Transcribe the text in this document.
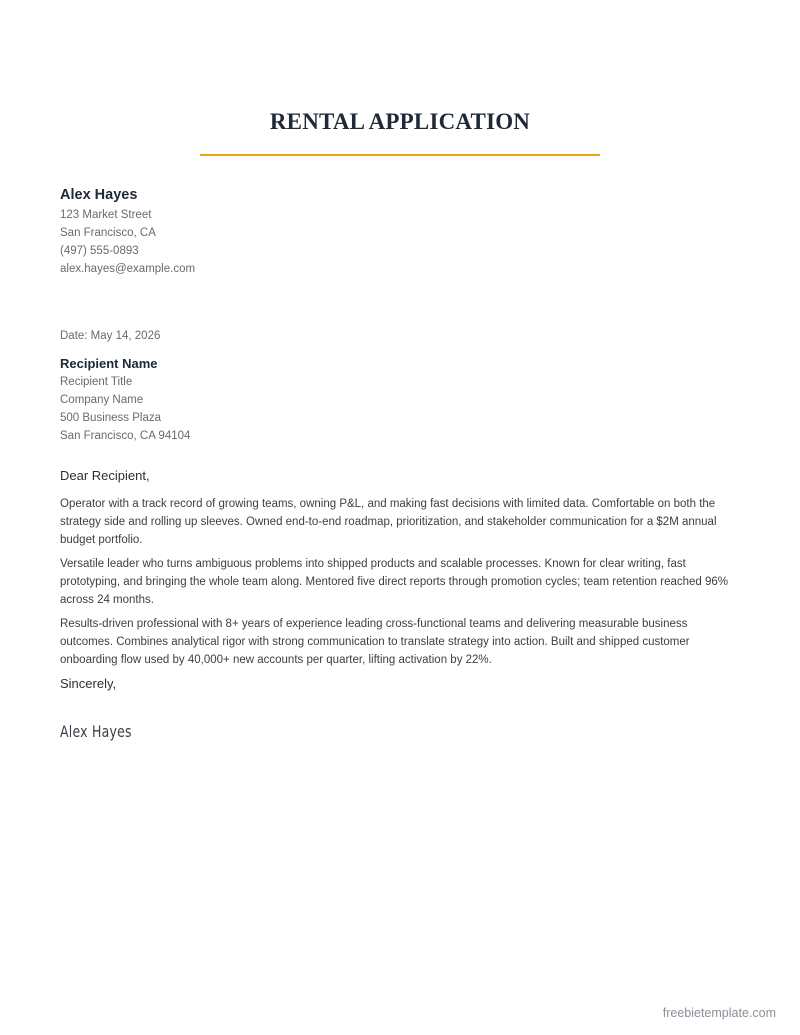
RENTAL APPLICATION
Alex Hayes
123 Market Street
San Francisco, CA
(497) 555-0893
alex.hayes@example.com
Date: May 14, 2026
Recipient Name
Recipient Title
Company Name
500 Business Plaza
San Francisco, CA 94104
Dear Recipient,

Operator with a track record of growing teams, owning P&L, and making fast decisions with limited data. Comfortable on both the strategy side and rolling up sleeves. Owned end-to-end roadmap, prioritization, and stakeholder communication for a $2M annual budget portfolio.

Versatile leader who turns ambiguous problems into shipped products and scalable processes. Known for clear writing, fast prototyping, and bringing the whole team along. Mentored five direct reports through promotion cycles; team retention reached 96% across 24 months.

Results-driven professional with 8+ years of experience leading cross-functional teams and delivering measurable business outcomes. Combines analytical rigor with strong communication to translate strategy into action. Built and shipped customer onboarding flow used by 40,000+ new accounts per quarter, lifting activation by 22%.

Sincerely,
Alex Hayes
freebietemplate.com
